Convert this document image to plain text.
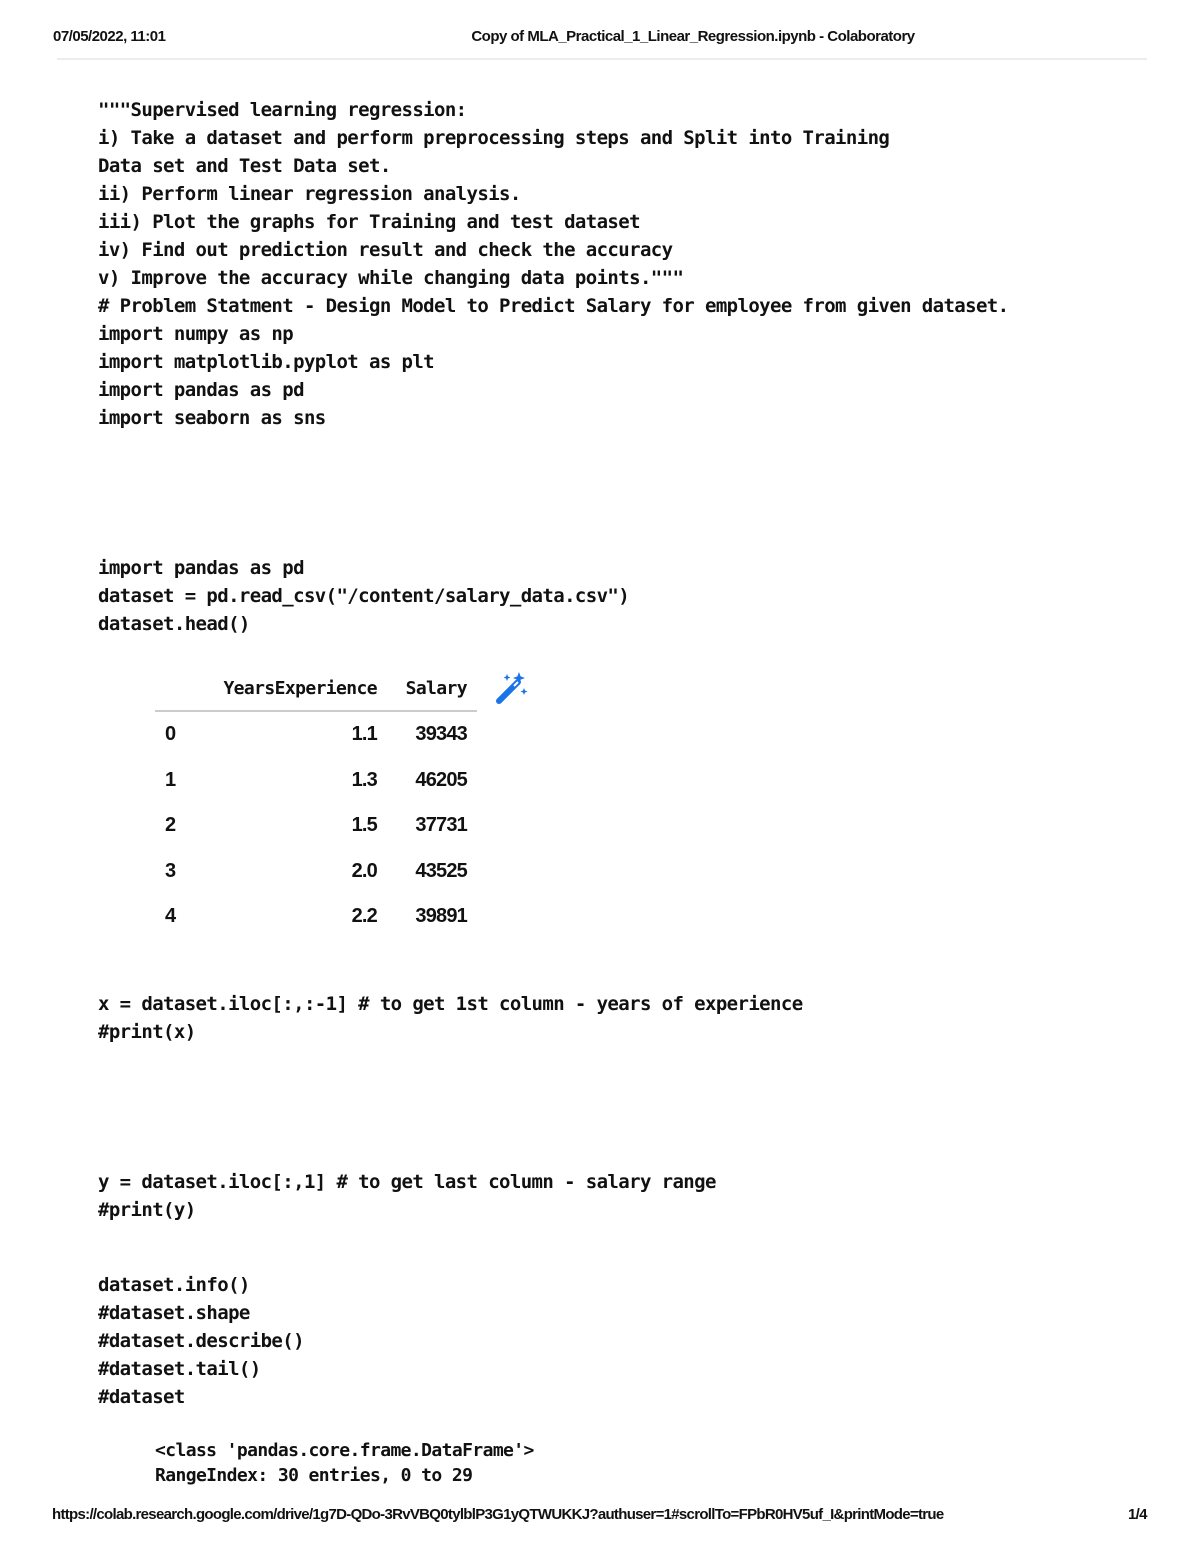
07/05/2022, 11:01	Copy of MLA_Practical_1_Linear_Regression.ipynb - Colaboratory
"""Supervised learning regression:
i) Take a dataset and perform preprocessing steps and Split into Training
Data set and Test Data set.
ii) Perform linear regression analysis.
iii) Plot the graphs for Training and test dataset
iv) Find out prediction result and check the accuracy
v) Improve the accuracy while changing data points."""
# Problem Statment - Design Model to Predict Salary for employee from given dataset.
import numpy as np
import matplotlib.pyplot as plt
import pandas as pd
import seaborn as sns
import pandas as pd
dataset = pd.read_csv("/content/salary_data.csv")
dataset.head()
	YearsExperience	Salary
0	1.1	39343
1	1.3	46205
2	1.5	37731
3	2.0	43525
4	2.2	39891
x = dataset.iloc[:,:-1] # to get 1st column - years of experience
#print(x)
y = dataset.iloc[:,1] # to get last column - salary range
#print(y)
dataset.info()
#dataset.shape
#dataset.describe()
#dataset.tail()
#dataset
<class 'pandas.core.frame.DataFrame'>
RangeIndex: 30 entries, 0 to 29
https://colab.research.google.com/drive/1g7D-QDo-3RvVBQ0tylblP3G1yQTWUKKJ?authuser=1#scrollTo=FPbR0HV5uf_I&printMode=true	1/4
